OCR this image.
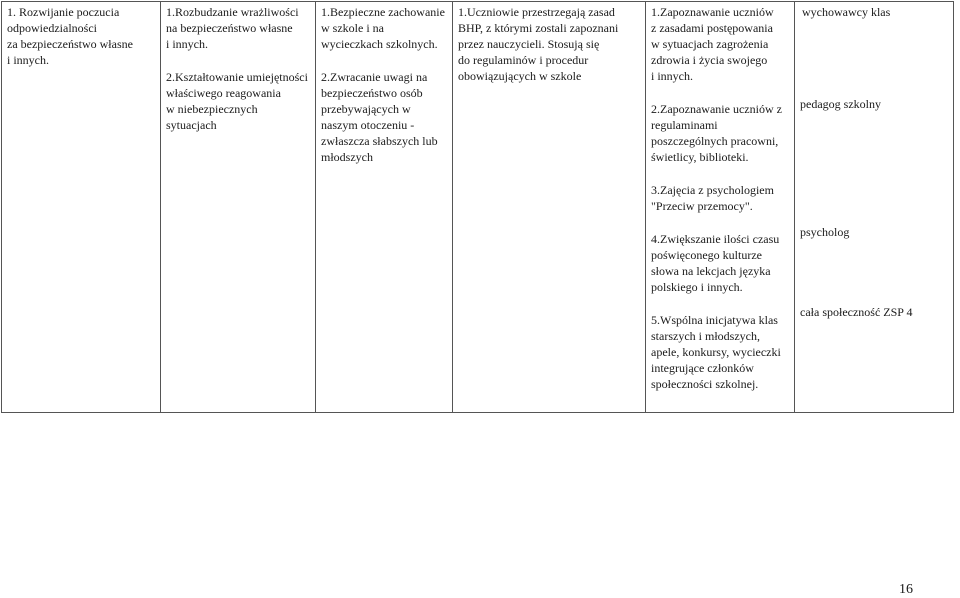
1. Rozwijanie poczucia
odpowiedzialności
za bezpieczeństwo własne
i innych.

1.Rozbudzanie wrażliwości
na bezpieczeństwo własne
i innych.
2.Kształtowanie umiejętności
właściwego reagowania
w niebezpiecznych sytuacjach

1.Bezpieczne zachowanie
w szkole i na
wycieczkach szkolnych.
2.Zwracanie uwagi na
bezpieczeństwo osób
przebywających w
naszym otoczeniu -
zwłaszcza słabszych lub
młodszych

1.Uczniowie przestrzegają zasad
BHP, z którymi zostali zapoznani
przez nauczycieli. Stosują się
do regulaminów i procedur
obowiązujących w szkole

1.Zapoznawanie uczniów
z zasadami postępowania
w sytuacjach zagrożenia
zdrowia i życia swojego
i innych.
2.Zapoznawanie uczniów z
regulaminami
poszczególnych pracowni,
świetlicy, biblioteki.
3.Zajęcia z psychologiem
"Przeciw przemocy".
4.Zwiększanie ilości czasu
poświęconego kulturze
słowa na lekcjach języka
polskiego i innych.
5.Wspólna inicjatywa klas
starszych i młodszych,
apele, konkursy, wycieczki
integrujące członków
społeczności szkolnej.

wychowawcy klas
pedagog szkolny
psycholog
cała społeczność ZSP 4
16
